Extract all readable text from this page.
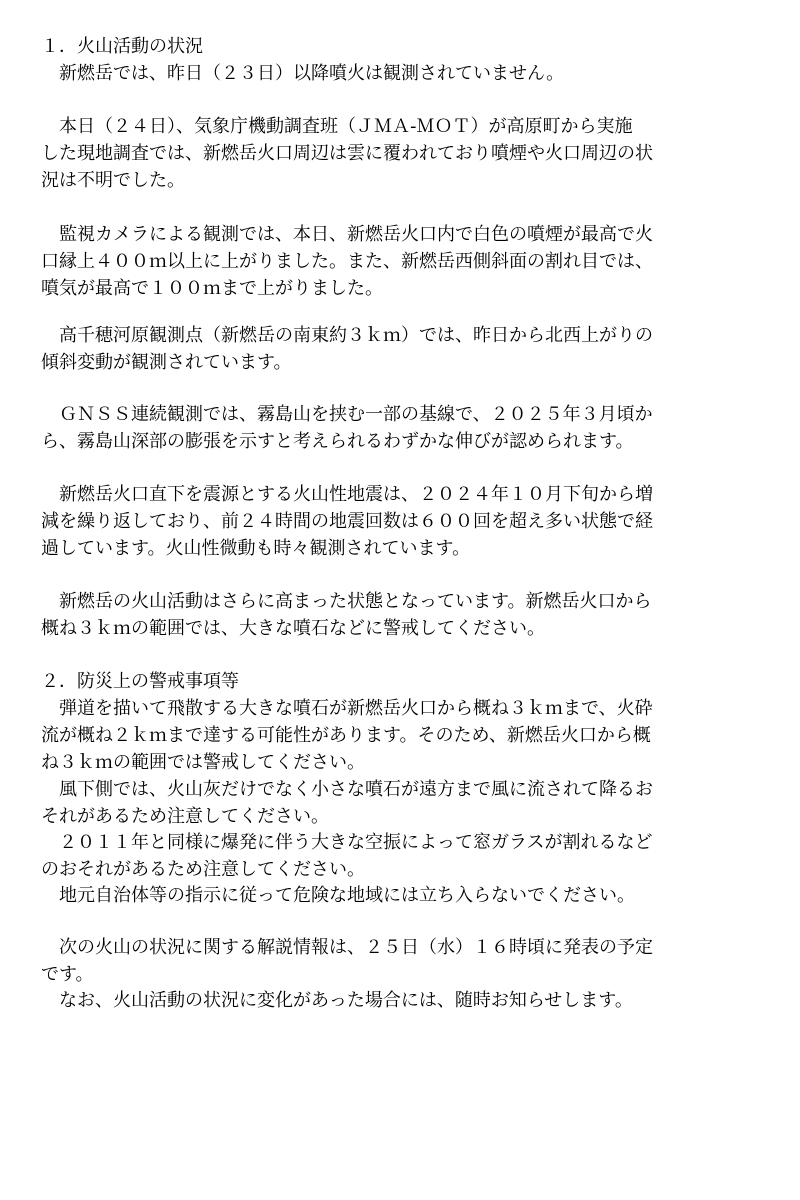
１．火山活動の状況
　新燃岳では、昨日（２３日）以降噴火は観測されていません。
　本日（２４日）、気象庁機動調査班（ＪＭＡ-ＭＯＴ）が高原町から実施
した現地調査では、新燃岳火口周辺は雲に覆われており噴煙や火口周辺の状
況は不明でした。
　監視カメラによる観測では、本日、新燃岳火口内で白色の噴煙が最高で火
口縁上４００ｍ以上に上がりました。また、新燃岳西側斜面の割れ目では、
噴気が最高で１００ｍまで上がりました。
　高千穂河原観測点（新燃岳の南東約３ｋｍ）では、昨日から北西上がりの
傾斜変動が観測されています。
　ＧＮＳＳ連続観測では、霧島山を挟む一部の基線で、２０２５年３月頃か
ら、霧島山深部の膨張を示すと考えられるわずかな伸びが認められます。
　新燃岳火口直下を震源とする火山性地震は、２０２４年１０月下旬から増
減を繰り返しており、前２４時間の地震回数は６００回を超え多い状態で経
過しています。火山性微動も時々観測されています。
　新燃岳の火山活動はさらに高まった状態となっています。新燃岳火口から
概ね３ｋｍの範囲では、大きな噴石などに警戒してください。
２．防災上の警戒事項等
　弾道を描いて飛散する大きな噴石が新燃岳火口から概ね３ｋｍまで、火砕
流が概ね２ｋｍまで達する可能性があります。そのため、新燃岳火口から概
ね３ｋｍの範囲では警戒してください。
　風下側では、火山灰だけでなく小さな噴石が遠方まで風に流されて降るお
それがあるため注意してください。
　２０１１年と同様に爆発に伴う大きな空振によって窓ガラスが割れるなど
のおそれがあるため注意してください。
　地元自治体等の指示に従って危険な地域には立ち入らないでください。
　次の火山の状況に関する解説情報は、２５日（水）１６時頃に発表の予定
です。
　なお、火山活動の状況に変化があった場合には、随時お知らせします。
